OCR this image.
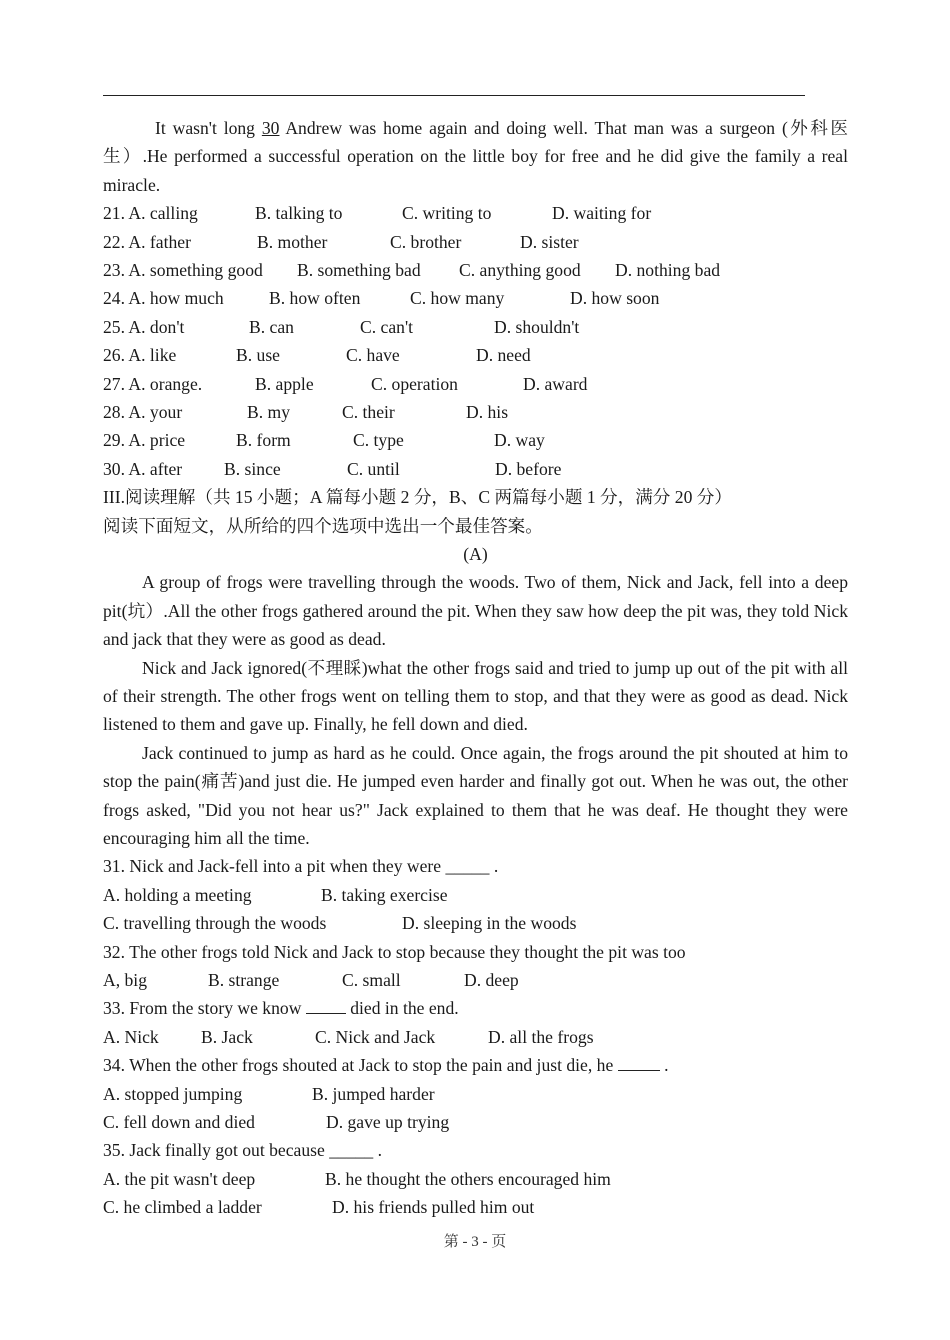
It wasn't long 30 Andrew was home again and doing well. That man was a surgeon (外科医生）.He performed a successful operation on the little boy for free and he did give the family a real miracle.

21. A. calling	B. talking to	C. writing to	D. waiting for
22. A. father	B. mother	C. brother	D. sister
23. A. something good B. something bad C. anything good D. nothing bad
24. A. how much	B. how often	C. how many	D. how soon
25. A. don't	B. can	C. can't	D. shouldn't
26. A. like	B. use	C. have	D. need
27. A. orange.	B. apple	C. operation	D. award
28. A. your	B. my	C. their	D. his
29. A. price	B. form	C. type	D. way
30. A. after B. since	C. until	D. before

III.阅读理解（共 15 小题；A 篇每小题 2 分，B、C 两篇每小题 1 分，满分 20 分）

阅读下面短文，从所给的四个选项中选出一个最佳答案。

(A)

A group of frogs were travelling through the woods. Two of them, Nick and Jack, fell into a deep pit(坑）.All the other frogs gathered around the pit. When they saw how deep the pit was, they told Nick and jack that they were as good as dead.

Nick and Jack ignored(不理睬)what the other frogs said and tried to jump up out of the pit with all of their strength. The other frogs went on telling them to stop, and that they were as good as dead. Nick listened to them and gave up. Finally, he fell down and died.

Jack continued to jump as hard as he could. Once again, the frogs around the pit shouted at him to stop the pain(痛苦)and just die. He jumped even harder and finally got out. When he was out, the other frogs asked, "Did you not hear us?" Jack explained to them that he was deaf. He thought they were encouraging him all the time.

31. Nick and Jack-fell into a pit when they were _____ .

A. holding a meeting	B. taking exercise
C. travelling through the woods	D. sleeping in the woods

32. The other frogs told Nick and Jack to stop because they thought the pit was too

A, big	B. strange	C. small	D. deep

33. From the story we know  died in the end.

A. Nick B. Jack	C. Nick and Jack	D. all the frogs

34. When the other frogs shouted at Jack to stop the pain and just die, he  .

A. stopped jumping	B. jumped harder
C. fell down and died	D. gave up trying

35. Jack finally got out because _____ .

A. the pit wasn't deep	B. he thought the others encouraged him
C. he climbed a ladder	D. his friends pulled him out
第 - 3 - 页
